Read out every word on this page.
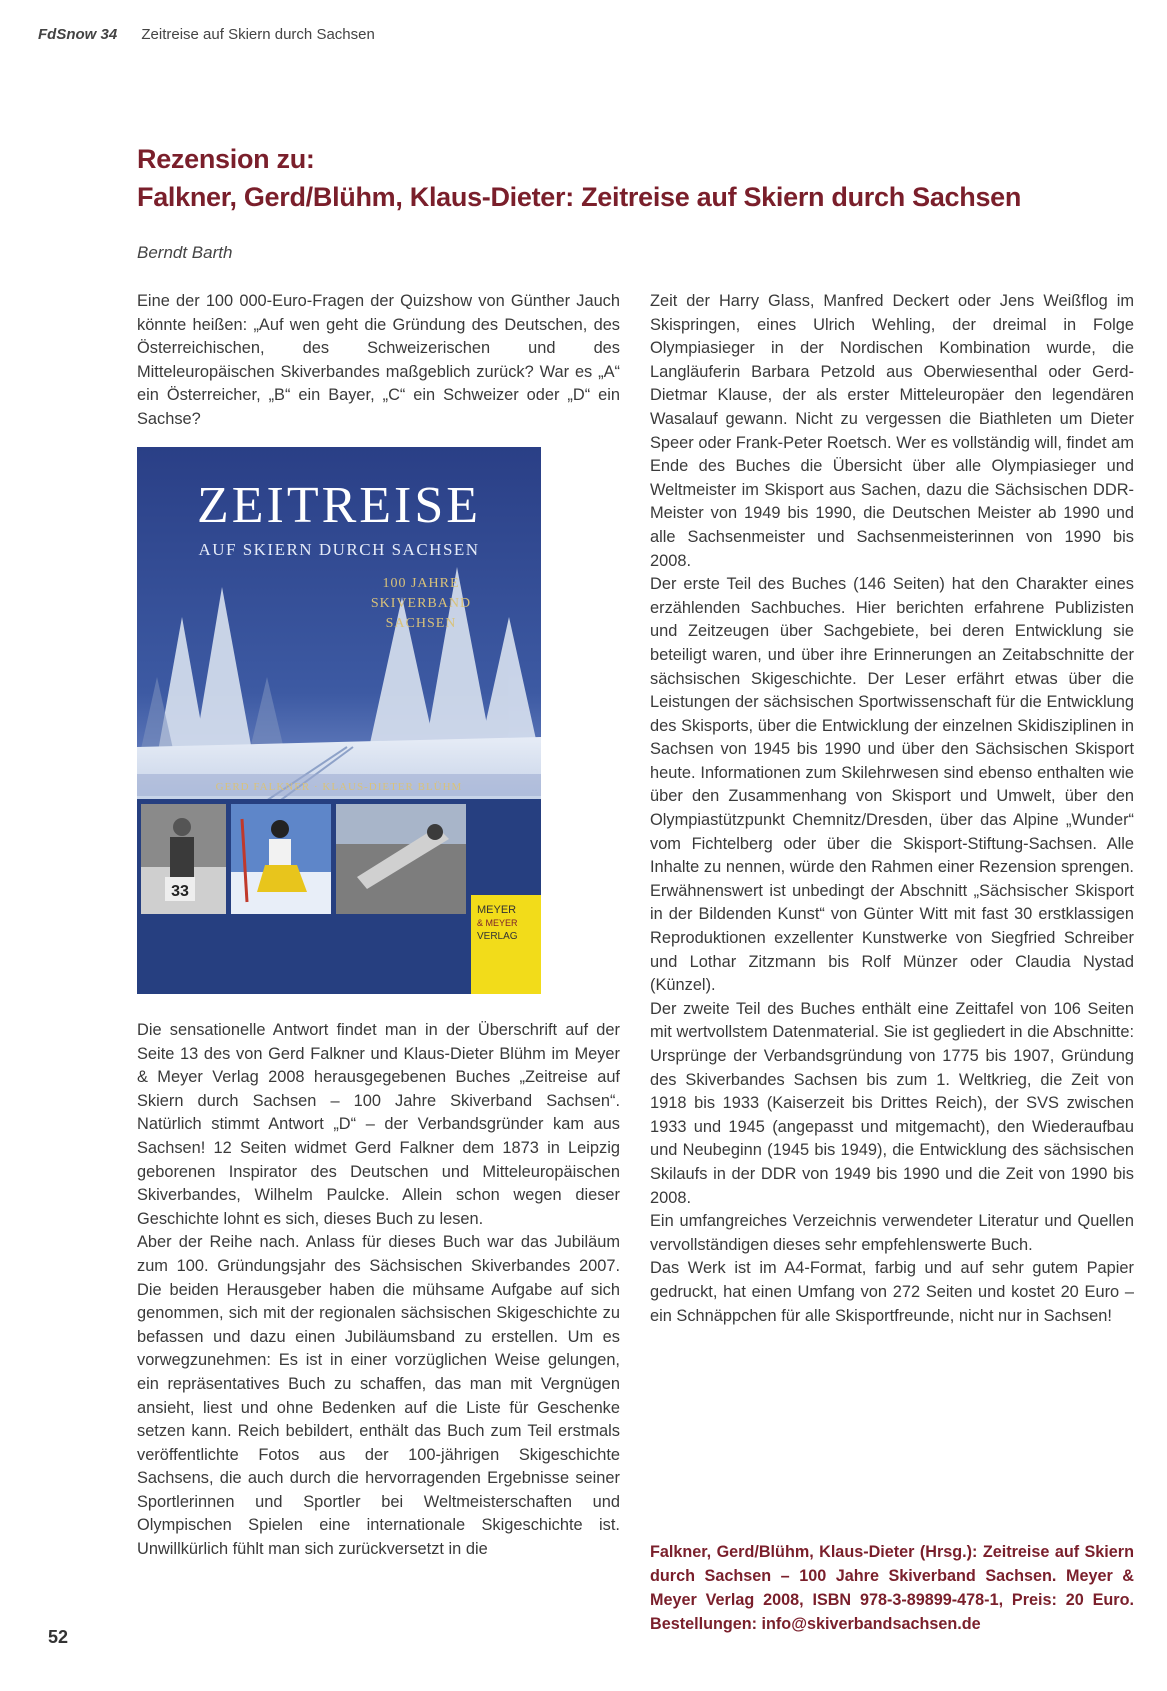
FdSnow 34 Zeitreise auf Skiern durch Sachsen
Rezension zu:
Falkner, Gerd/Blühm, Klaus-Dieter: Zeitreise auf Skiern durch Sachsen
Berndt Barth

Eine der 100 000-Euro-Fragen der Quizshow von Günther Jauch könnte heißen: „Auf wen geht die Gründung des Deutschen, des Österreichischen, des Schweizerischen und des Mitteleuropäischen Skiverbandes maßgeblich zurück? War es „A“ ein Österreicher, „B“ ein Bayer, „C“ ein Schweizer oder „D“ ein Sachse?

GERD FALKNER · KLAUS-DIETER BLÜHM
ZEITREISE
AUF SKIERN DURCH SACHSEN
100 JAHRE
SKIVERBAND
SACHSEN
33
MEYER
& MEYER
VERLAG

Die sensationelle Antwort findet man in der Überschrift auf der Seite 13 des von Gerd Falkner und Klaus-Dieter Blühm im Meyer & Meyer Verlag 2008 herausgegebenen Buches „Zeitreise auf Skiern durch Sachsen – 100 Jahre Skiverband Sachsen“. Natürlich stimmt Antwort „D“ – der Verbandsgründer kam aus Sachsen! 12 Seiten widmet Gerd Falkner dem 1873 in Leipzig geborenen Inspirator des Deutschen und Mitteleuropäischen Skiverbandes, Wilhelm Paulcke. Allein schon wegen dieser Geschichte lohnt es sich, dieses Buch zu lesen.

Aber der Reihe nach. Anlass für dieses Buch war das Jubiläum zum 100. Gründungsjahr des Sächsischen Skiverbandes 2007. Die beiden Herausgeber haben die mühsame Aufgabe auf sich genommen, sich mit der regionalen sächsischen Skigeschichte zu befassen und dazu einen Jubiläumsband zu erstellen. Um es vorwegzunehmen: Es ist in einer vorzüglichen Weise gelungen, ein repräsentatives Buch zu schaffen, das man mit Vergnügen ansieht, liest und ohne Bedenken auf die Liste für Geschenke setzen kann. Reich bebildert, enthält das Buch zum Teil erstmals veröffentlichte Fotos aus der 100-jährigen Skigeschichte Sachsens, die auch durch die hervorragenden Ergebnisse seiner Sportlerinnen und Sportler bei Weltmeisterschaften und Olympischen Spielen eine internationale Skigeschichte ist. Unwillkürlich fühlt man sich zurückversetzt in die

Zeit der Harry Glass, Manfred Deckert oder Jens Weißflog im Skispringen, eines Ulrich Wehling, der dreimal in Folge Olympiasieger in der Nordischen Kombination wurde, die Langläuferin Barbara Petzold aus Oberwiesenthal oder Gerd-Dietmar Klause, der als erster Mitteleuropäer den legendären Wasalauf gewann. Nicht zu vergessen die Biathleten um Dieter Speer oder Frank-Peter Roetsch. Wer es vollständig will, findet am Ende des Buches die Übersicht über alle Olympiasieger und Weltmeister im Skisport aus Sachen, dazu die Sächsischen DDR-Meister von 1949 bis 1990, die Deutschen Meister ab 1990 und alle Sachsenmeister und Sachsenmeisterinnen von 1990 bis 2008.

Der erste Teil des Buches (146 Seiten) hat den Charakter eines erzählenden Sachbuches. Hier berichten erfahrene Publizisten und Zeitzeugen über Sachgebiete, bei deren Entwicklung sie beteiligt waren, und über ihre Erinnerungen an Zeitabschnitte der sächsischen Skigeschichte. Der Leser erfährt etwas über die Leistungen der sächsischen Sportwissenschaft für die Entwicklung des Skisports, über die Entwicklung der einzelnen Skidisziplinen in Sachsen von 1945 bis 1990 und über den Sächsischen Skisport heute. Informationen zum Skilehrwesen sind ebenso enthalten wie über den Zusammenhang von Skisport und Umwelt, über den Olympiastützpunkt Chemnitz/Dresden, über das Alpine „Wunder“ vom Fichtelberg oder über die Skisport-Stiftung-Sachsen. Alle Inhalte zu nennen, würde den Rahmen einer Rezension sprengen. Erwähnenswert ist unbedingt der Abschnitt „Sächsischer Skisport in der Bildenden Kunst“ von Günter Witt mit fast 30 erstklassigen Reproduktionen exzellenter Kunstwerke von Siegfried Schreiber und Lothar Zitzmann bis Rolf Münzer oder Claudia Nystad (Künzel).

Der zweite Teil des Buches enthält eine Zeittafel von 106 Seiten mit wertvollstem Datenmaterial. Sie ist gegliedert in die Abschnitte: Ursprünge der Verbandsgründung von 1775 bis 1907, Gründung des Skiverbandes Sachsen bis zum 1. Weltkrieg, die Zeit von 1918 bis 1933 (Kaiserzeit bis Drittes Reich), der SVS zwischen 1933 und 1945 (angepasst und mitgemacht), den Wiederaufbau und Neubeginn (1945 bis 1949), die Entwicklung des sächsischen Skilaufs in der DDR von 1949 bis 1990 und die Zeit von 1990 bis 2008.

Ein umfangreiches Verzeichnis verwendeter Literatur und Quellen vervollständigen dieses sehr empfehlenswerte Buch.

Das Werk ist im A4-Format, farbig und auf sehr gutem Papier gedruckt, hat einen Umfang von 272 Seiten und kostet 20 Euro – ein Schnäppchen für alle Skisportfreunde, nicht nur in Sachsen!

Falkner, Gerd/Blühm, Klaus-Dieter (Hrsg.): Zeitreise auf Skiern durch Sachsen – 100 Jahre Skiverband Sachsen. Meyer & Meyer Verlag 2008, ISBN 978-3-89899-478-1, Preis: 20 Euro. Bestellungen: info@skiverbandsachsen.de
52
